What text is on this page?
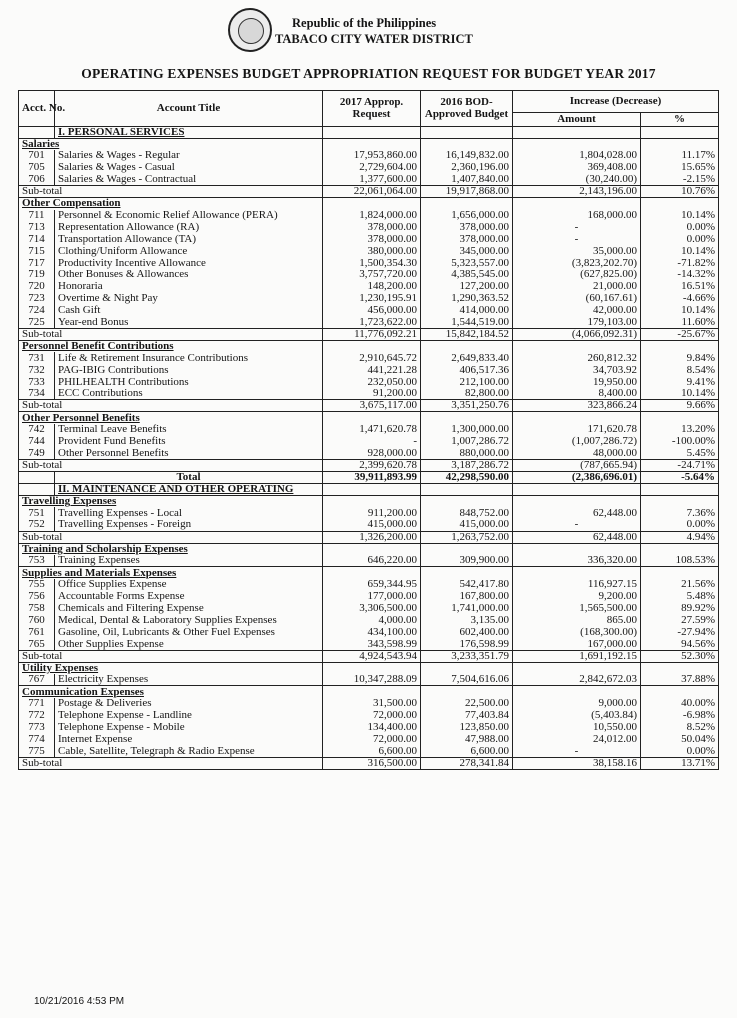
Republic of the Philippines
TABACO CITY WATER DISTRICT
OPERATING EXPENSES BUDGET APPROPRIATION REQUEST FOR BUDGET YEAR 2017
Acct. No.	Account Title	2017 Approp. Request	2016 BOD-Approved Budget	Increase (Decrease)	
				Amount	%
	I. PERSONAL SERVICES				
Salaries					
701	Salaries & Wages - Regular	17,953,860.00	16,149,832.00	1,804,028.00	11.17%
705	Salaries & Wages - Casual	2,729,604.00	2,360,196.00	369,408.00	15.65%
706	Salaries & Wages - Contractual	1,377,600.00	1,407,840.00	(30,240.00)	-2.15%
Sub-total		22,061,064.00	19,917,868.00	2,143,196.00	10.76%
Other Compensation					
711	Personnel & Economic Relief Allowance (PERA)	1,824,000.00	1,656,000.00	168,000.00	10.14%
713	Representation Allowance (RA)	378,000.00	378,000.00	-	0.00%
714	Transportation Allowance (TA)	378,000.00	378,000.00	-	0.00%
715	Clothing/Uniform Allowance	380,000.00	345,000.00	35,000.00	10.14%
717	Productivity Incentive Allowance	1,500,354.30	5,323,557.00	(3,823,202.70)	-71.82%
719	Other Bonuses & Allowances	3,757,720.00	4,385,545.00	(627,825.00)	-14.32%
720	Honoraria	148,200.00	127,200.00	21,000.00	16.51%
723	Overtime & Night Pay	1,230,195.91	1,290,363.52	(60,167.61)	-4.66%
724	Cash Gift	456,000.00	414,000.00	42,000.00	10.14%
725	Year-end Bonus	1,723,622.00	1,544,519.00	179,103.00	11.60%
Sub-total		11,776,092.21	15,842,184.52	(4,066,092.31)	-25.67%
Personnel Benefit Contributions					
731	Life & Retirement Insurance Contributions	2,910,645.72	2,649,833.40	260,812.32	9.84%
732	PAG-IBIG Contributions	441,221.28	406,517.36	34,703.92	8.54%
733	PHILHEALTH Contributions	232,050.00	212,100.00	19,950.00	9.41%
734	ECC Contributions	91,200.00	82,800.00	8,400.00	10.14%
Sub-total		3,675,117.00	3,351,250.76	323,866.24	9.66%
Other Personnel Benefits					
742	Terminal Leave Benefits	1,471,620.78	1,300,000.00	171,620.78	13.20%
744	Provident Fund Benefits	-	1,007,286.72	(1,007,286.72)	-100.00%
749	Other Personnel Benefits	928,000.00	880,000.00	48,000.00	5.45%
Sub-total		2,399,620.78	3,187,286.72	(787,665.94)	-24.71%
	Total	39,911,893.99	42,298,590.00	(2,386,696.01)	-5.64%
	II. MAINTENANCE AND OTHER OPERATING				
Travelling Expenses					
751	Travelling Expenses - Local	911,200.00	848,752.00	62,448.00	7.36%
752	Travelling Expenses - Foreign	415,000.00	415,000.00	-	0.00%
Sub-total		1,326,200.00	1,263,752.00	62,448.00	4.94%
Training and Scholarship Expenses					
753	Training Expenses	646,220.00	309,900.00	336,320.00	108.53%
Supplies and Materials Expenses					
755	Office Supplies Expense	659,344.95	542,417.80	116,927.15	21.56%
756	Accountable Forms Expense	177,000.00	167,800.00	9,200.00	5.48%
758	Chemicals and Filtering Expense	3,306,500.00	1,741,000.00	1,565,500.00	89.92%
760	Medical, Dental & Laboratory Supplies Expenses	4,000.00	3,135.00	865.00	27.59%
761	Gasoline, Oil, Lubricants & Other Fuel Expenses	434,100.00	602,400.00	(168,300.00)	-27.94%
765	Other Supplies Expense	343,598.99	176,598.99	167,000.00	94.56%
Sub-total		4,924,543.94	3,233,351.79	1,691,192.15	52.30%
Utility Expenses					
767	Electricity Expenses	10,347,288.09	7,504,616.06	2,842,672.03	37.88%
Communication Expenses					
771	Postage & Deliveries	31,500.00	22,500.00	9,000.00	40.00%
772	Telephone Expense - Landline	72,000.00	77,403.84	(5,403.84)	-6.98%
773	Telephone Expense - Mobile	134,400.00	123,850.00	10,550.00	8.52%
774	Internet Expense	72,000.00	47,988.00	24,012.00	50.04%
775	Cable, Satellite, Telegraph & Radio Expense	6,600.00	6,600.00	-	0.00%
Sub-total		316,500.00	278,341.84	38,158.16	13.71%
10/21/2016 4:53 PM
